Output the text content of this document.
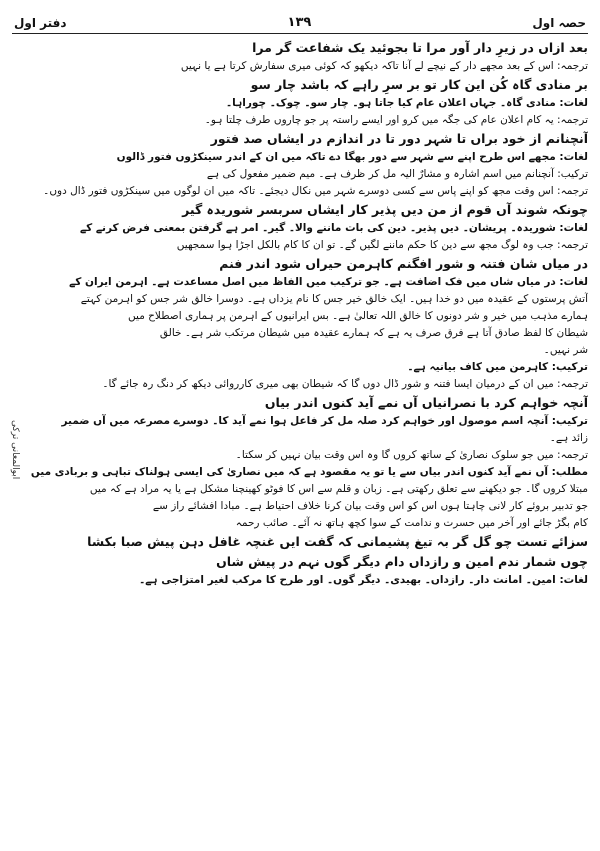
حصہ اول
١٣٩
دفتر اول
بعد ازاں در زیرِ دار آور مرا تا بجوئید یک شفاعت گر مرا
ترجمہ: اس کے بعد مجھے دار کے نیچے لے آنا تاکہ دیکھو کہ کوئی میری سفارش کرتا ہے یا نہیں
بر منادی گاہ کُن این کار تو بر سرِ راہے کہ باشد چار سو
لغات: منادی گاہ۔ جہاں اعلان عام کیا جاتا ہو۔ چار سو۔ چوک۔ چوراہا۔
ترجمہ: یہ کام اعلان عام کی جگہ میں کرو اور ایسے راستہ پر جو چاروں طرف چلتا ہو۔
آنچنانم از خود براں تا شہر دور تا در اندازم در ایشاں صد فتور
لغات: مجھے اس طرح اپنے سے شہر سے دور بھگا دے تاکہ میں ان کے اندر سینکڑوں فتور ڈالوں
ترکیب: آنچنانم میں اسم اشارہ و مشارٌ الیہ مل کر ظرف ہے۔ میم ضمیر مفعول کی ہے
ترجمہ: اس وقت مجھ کو اپنے پاس سے کسی دوسرے شہر میں نکال دیجئے۔ تاکہ میں ان لوگوں میں سینکڑوں فتور ڈال دوں۔
چونکہ شوند آں قوم از من دیں پذیر کار ایشاں سربسر شوریدہ گیر
لغات: شوریدہ۔ پریشان۔ دیں پذیر۔ دین کی بات ماننے والا۔ گیر۔ امر ہے گرفتن بمعنی فرض کرنے کے
ترجمہ: جب وہ لوگ مجھ سے دین کا حکم ماننے لگیں گے۔ تو ان کا کام بالکل اجڑا ہوا سمجھیں
در میاں شان فتنہ و شور افگنم کاہرمن حیراں شود اندر فنم
لغات: در میاں شاں میں فک اضافت ہے۔ جو ترکیب میں الفاظ میں اصل مساعدت ہے۔ اہرمن ایران کے
آتش پرستوں کے عقیدہ میں دو خدا ہیں۔ ایک خالق خیر جس کا نام یزداں ہے۔ دوسرا خالق شر جس کو اہرمن کہتے
ہمارے مذہب میں خیر و شر دونوں کا خالق اللہ تعالیٰ ہے۔ بس ایرانیوں کے اہرمن پر ہماری اصطلاح میں
شیطان کا لفظ صادق آتا ہے فرق صرف یہ ہے کہ ہمارے عقیدہ میں شیطان مرتکب شر ہے۔ خالق
شر نہیں۔
ترکیب: کاہرمن میں کاف بیانیہ ہے۔
ترجمہ: میں ان کے درمیان ایسا فتنہ و شور ڈال دوں گا کہ شیطان بھی میری کارروائی دیکھ کر دنگ رہ جائے گا۔
آنچہ خواہم کرد با نصرانیاں آں نمے آید کنوں اندر بیاں
ترکیب: آنچہ اسم موصول اور خواہم کرد صلہ مل کر فاعل ہوا نمے آید کا۔ دوسرے مصرعہ میں آں ضمیر
زائد ہے۔
ترجمہ: میں جو سلوک نصاریٰ کے ساتھ کروں گا وہ اس وقت بیان نہیں کر سکتا۔
مطلب: آں نمے آید کنوں اندر بیاں سے یا تو یہ مقصود ہے کہ میں نصاریٰ کی ایسی ہولناک تباہی و بربادی میں
مبتلا کروں گا۔ جو دیکھنے سے تعلق رکھتی ہے۔ زبان و قلم سے اس کا فوٹو کھینچنا مشکل ہے یا یہ مراد ہے کہ میں
جو تدبیر بروئے کار لانی چاہتا ہوں اس کو اس وقت بیان کرنا خلاف احتیاط ہے۔ مبادا افشائے راز سے
کام بگڑ جائے اور آخر میں حسرت و ندامت کے سوا کچھ ہاتھ نہ آئے۔ صائب رحمہ
سزائے تست چو گل گر بہ تیغ پشیمانی کہ گفت ایں غنچہ غافل دہن پیش صبا بکشا
چوں شمار ندم امین و رازداں دام دیگر گوں نہم در پیش شاں
لغات: امین۔ امانت دار۔ رازداں۔ بھیدی۔ دیگر گوں۔ اور طرح کا مرکب لغیر امتزاجی ہے۔
ابوالمعانی ترکی
